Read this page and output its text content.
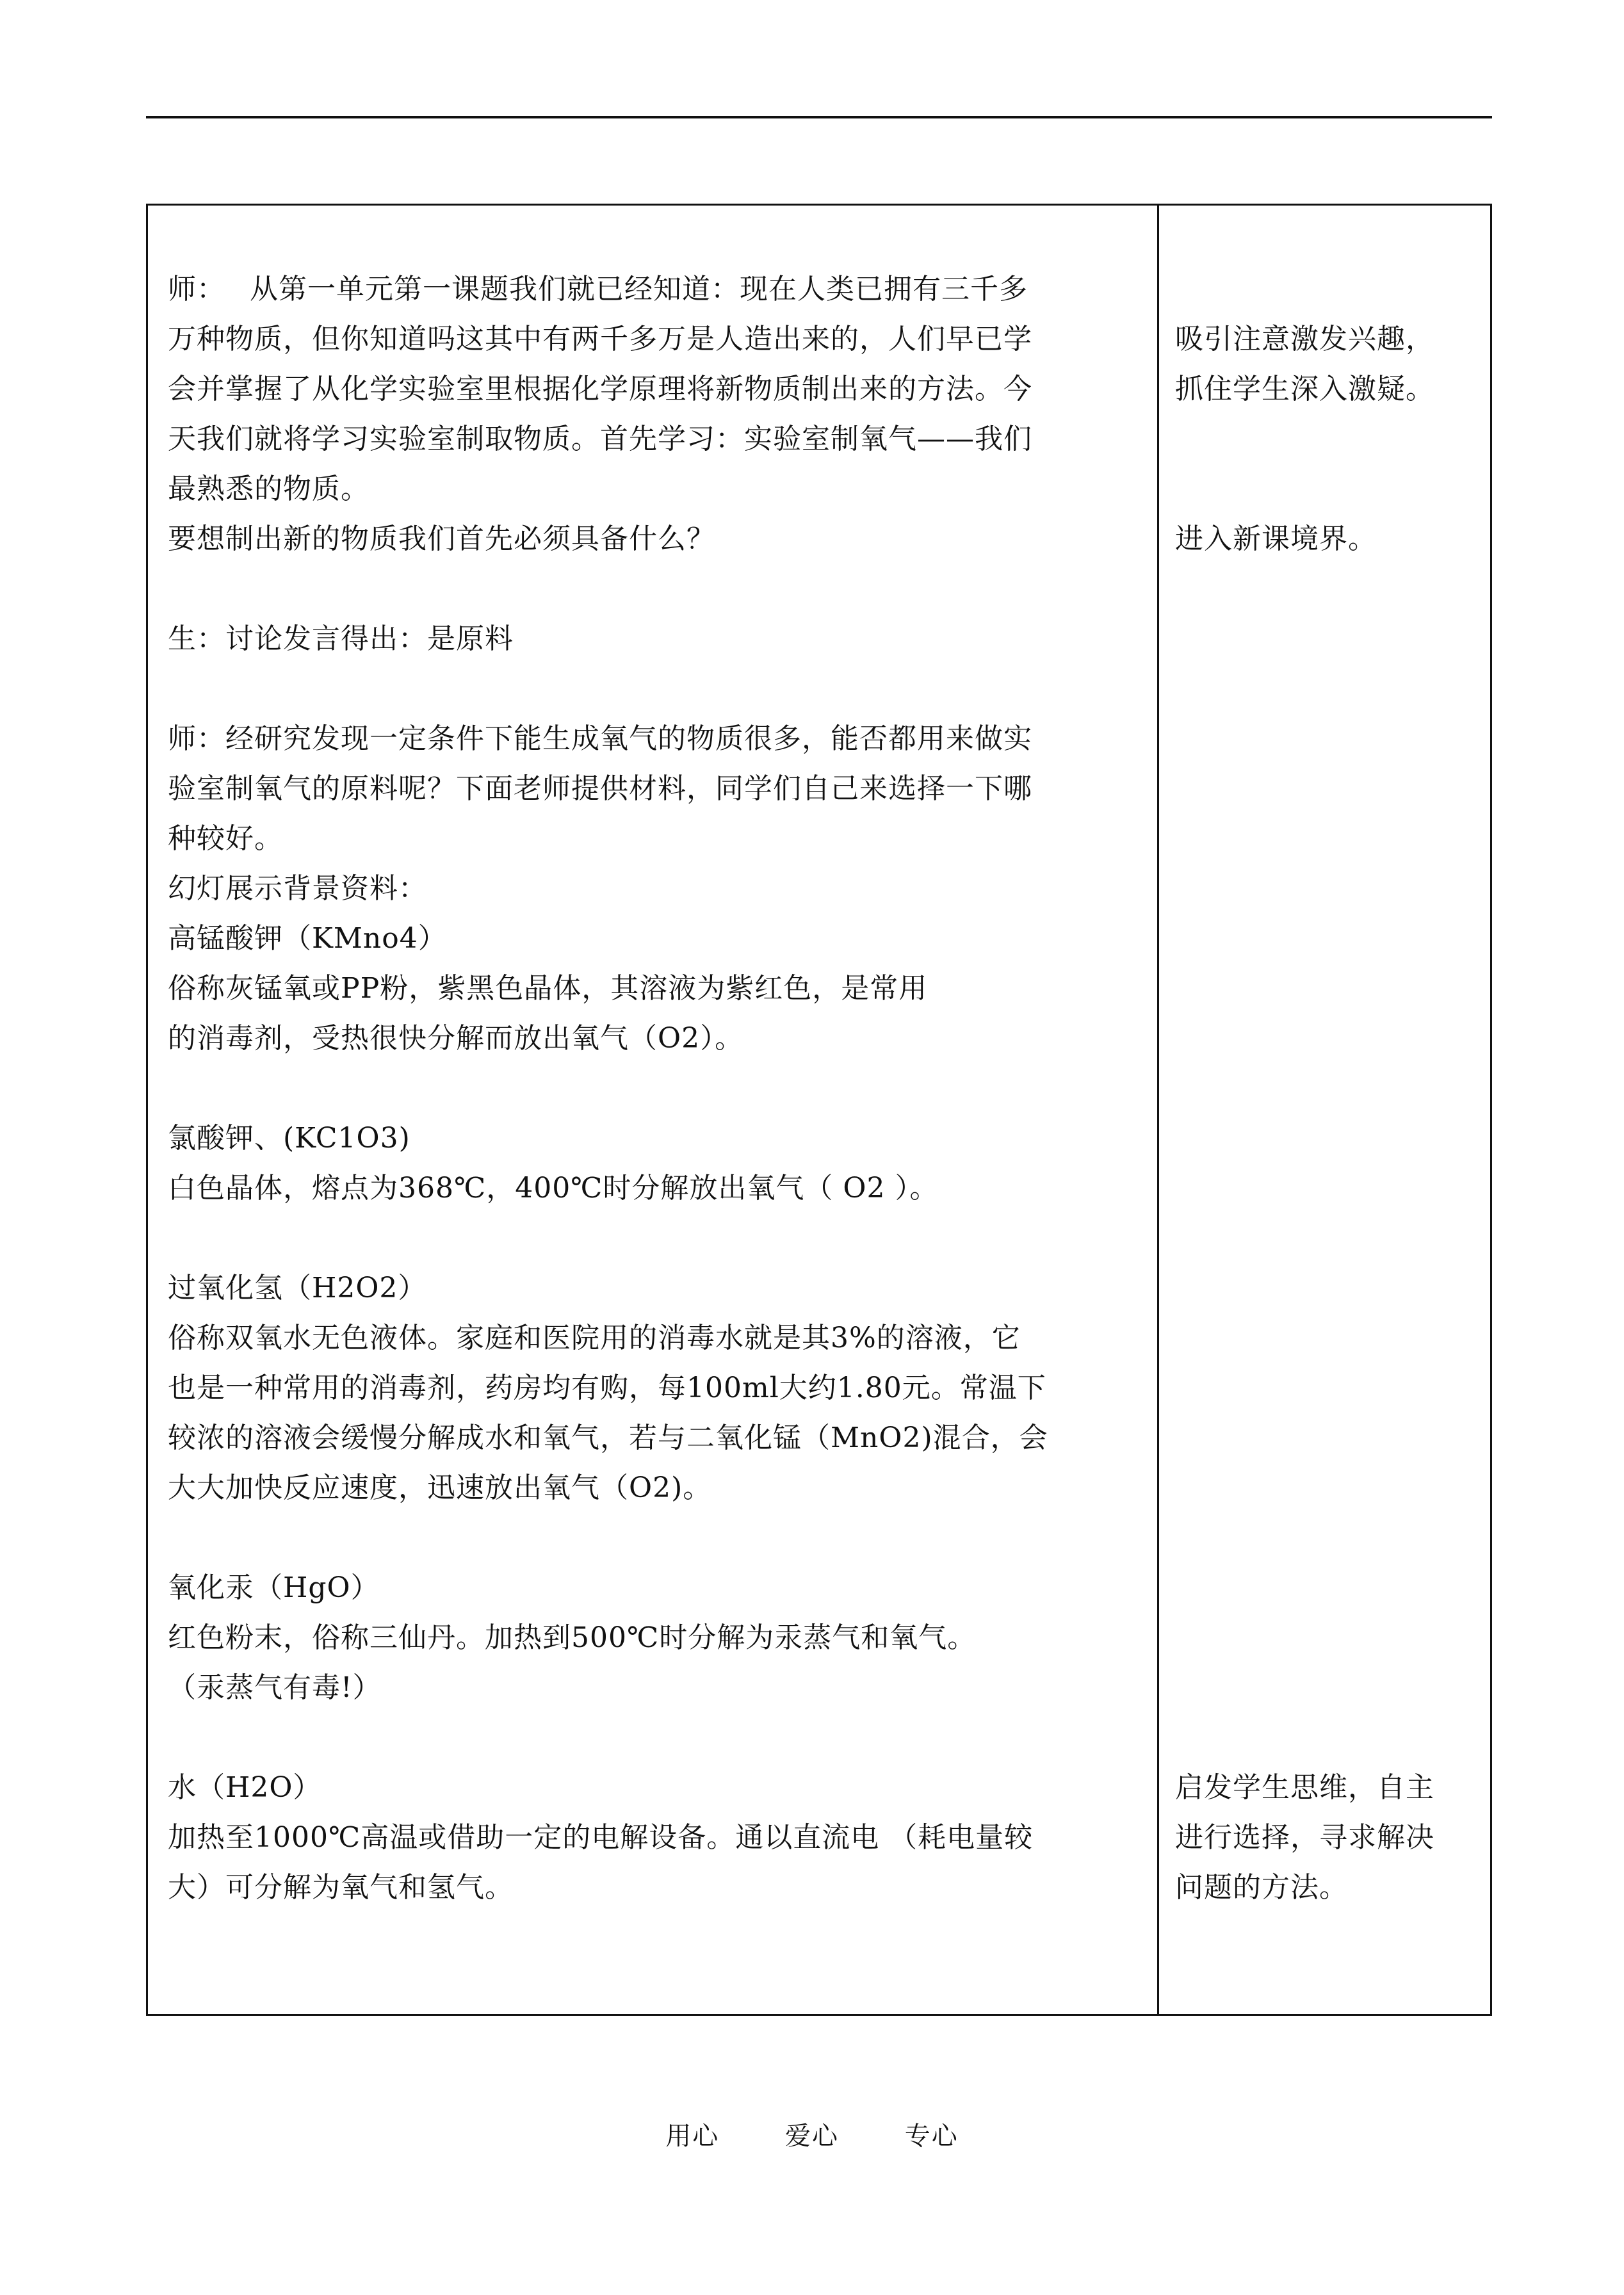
师：　 从第一单元第一课题我们就已经知道：现在人类已拥有三千多
万种物质，但你知道吗这其中有两千多万是人造出来的，人们早已学
会并掌握了从化学实验室里根据化学原理将新物质制出来的方法。今
天我们就将学习实验室制取物质。首先学习：实验室制氧气——我们
最熟悉的物质。
要想制出新的物质我们首先必须具备什么？
生：讨论发言得出：是原料
师：经研究发现一定条件下能生成氧气的物质很多，能否都用来做实
验室制氧气的原料呢？下面老师提供材料，同学们自己来选择一下哪
种较好。
幻灯展示背景资料：
高锰酸钾（KMno4）
俗称灰锰氧或PP粉，紫黑色晶体，其溶液为紫红色，是常用
的消毒剂，受热很快分解而放出氧气（O2）。
氯酸钾、(KC1O3)
白色晶体，熔点为368℃，400℃时分解放出氧气（ O2 ）。
过氧化氢（H2O2）
俗称双氧水无色液体。家庭和医院用的消毒水就是其3%的溶液，它
也是一种常用的消毒剂，药房均有购，每100ml大约1.80元。常温下
较浓的溶液会缓慢分解成水和氧气，若与二氧化锰（MnO2)混合，会
大大加快反应速度，迅速放出氧气（O2)。
氧化汞（HgO）
红色粉末，俗称三仙丹。加热到500℃时分解为汞蒸气和氧气。
（汞蒸气有毒!）
水（H2O）
加热至1000℃高温或借助一定的电解设备。通以直流电 （耗电量较
大）可分解为氧气和氢气。
吸引注意激发兴趣，
抓住学生深入激疑。
进入新课境界。
启发学生思维，自主
进行选择，寻求解决
问题的方法。
用心	爱心	专心
